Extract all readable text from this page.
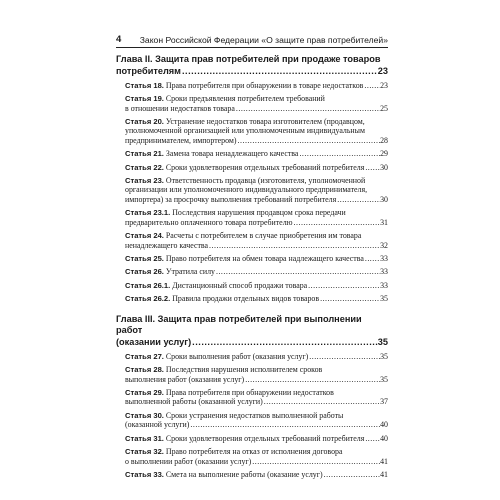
4 Закон Российской Федерации «О защите прав потребителей»
Глава II. Защита прав потребителей при продаже товаров
потребителям .....	23
Статья 18. Права потребителя при обнаружении в товаре недостатков ..... 23
Статья 19. Сроки предъявления потребителем требований
в отношении недостатков товара .....	25
Статья 20. Устранение недостатков товара изготовителем (продавцом,
уполномоченной организацией или уполномоченным индивидуальным
предпринимателем, импортером) .....	28
Статья 21. Замена товара ненадлежащего качества .....	29
Статья 22. Сроки удовлетворения отдельных требований потребителя ..... 30
Статья 23. Ответственность продавца (изготовителя, уполномоченной
организации или уполномоченного индивидуального предпринимателя,
импортера) за просрочку выполнения требований потребителя .....	30
Статья 23.1. Последствия нарушения продавцом срока передачи
предварительно оплаченного товара потребителю .....	31
Статья 24. Расчеты с потребителем в случае приобретения им товара
ненадлежащего качества .....	32
Статья 25. Право потребителя на обмен товара надлежащего качества ..... 33
Статья 26. Утратила силу .....	33
Статья 26.1. Дистанционный способ продажи товара .....	33
Статья 26.2. Правила продажи отдельных видов товаров .....	35
Глава III. Защита прав потребителей при выполнении работ
(оказании услуг) .....	35
Статья 27. Сроки выполнения работ (оказания услуг) .....	35
Статья 28. Последствия нарушения исполнителем сроков
выполнения работ (оказания услуг) .....	35
Статья 29. Права потребителя при обнаружении недостатков
выполненной работы (оказанной услуги) .....	37
Статья 30. Сроки устранения недостатков выполненной работы
(оказанной услуги) .....	40
Статья 31. Сроки удовлетворения отдельных требований потребителя ..... 40
Статья 32. Право потребителя на отказ от исполнения договора
о выполнении работ (оказании услуг) .....	41
Статья 33. Смета на выполнение работы (оказание услуг) .....	41
